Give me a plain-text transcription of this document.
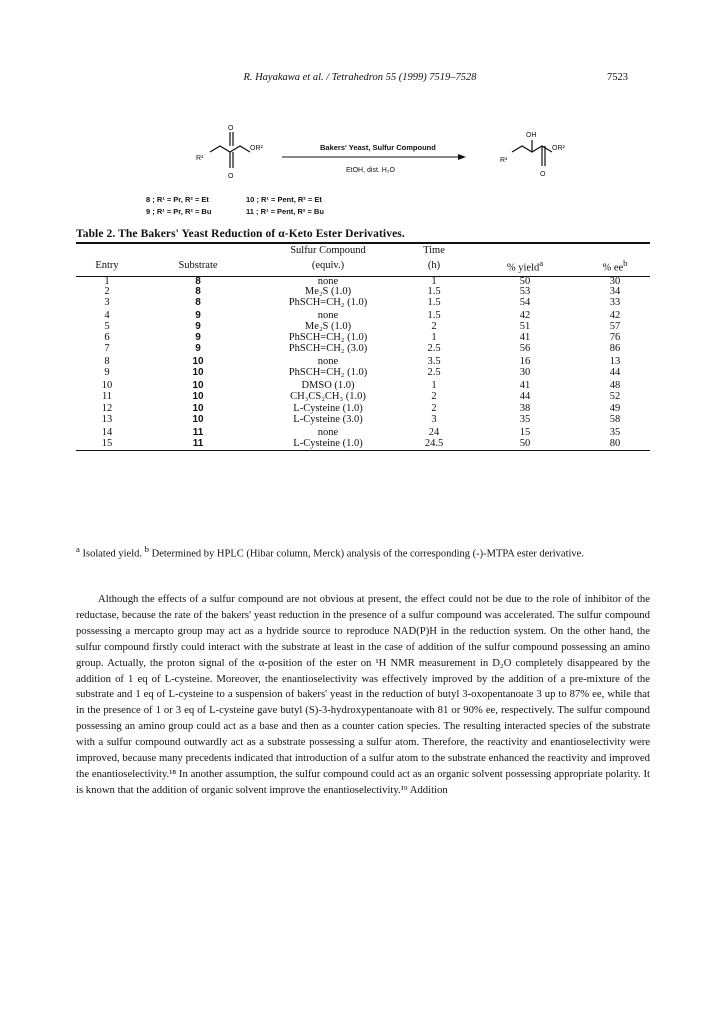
R. Hayakawa et al. / Tetrahedron 55 (1999) 7519–7528	7523
O
O
R¹
OR²	Bakers' Yeast, Sulfur Compound
EtOH, dist. H₂O
OH
O
R¹
OR²
8 ; R¹ = Pr, R² = Et
9 ; R¹ = Pr, R² = Bu
10 ; R¹ = Pent, R² = Et
11 ; R¹ = Pent, R² = Bu
Table 2. The Bakers' Yeast Reduction of α-Keto Ester Derivatives.
		Sulfur Compound	Time		
Entry	Substrate	(equiv.)	(h)	% yield$^a$	% $ee^b$
1	8	none	1	50	30
2	8	Me₂S (1.0)	1.5	53	34
3	8	PhSCH=CH₂ (1.0)	1.5	54	33
4	9	none	1.5	42	42
5	9	Me₂S (1.0)	2	51	57
6	9	PhSCH=CH₂ (1.0)	1	41	76
7	9	PhSCH=CH₂ (3.0)	2.5	56	86
8	10	none	3.5	16	13
9	10	PhSCH=CH₂ (1.0)	2.5	30	44
10	10	DMSO (1.0)	1	41	48
11	10	CH₃CS₂CH₃ (1.0)	2	44	52
12	10	L-Cysteine (1.0)	2	38	49
13	10	L-Cysteine (3.0)	3	35	58
14	11	none	24	15	35
15	11	L-Cysteine (1.0)	24.5	50	80
$^a$ Isolated yield. $^b$ Determined by HPLC (Hibar column, Merck) analysis of the corresponding (-)-MTPA ester derivative.

Although the effects of a sulfur compound are not obvious at present, the effect could not be due to the role of inhibitor of the reductase, because the rate of the bakers' yeast reduction in the presence of a sulfur compound was accelerated. The sulfur compound possessing a mercapto group may act as a hydride source to reproduce NAD(P)H in the reduction system. On the other hand, the sulfur compound firstly could interact with the substrate at least in the case of addition of the sulfur compound possessing an amino group. Actually, the proton signal of the α-position of the ester on ¹H NMR measurement in D₂O completely disappeared by the addition of 1 eq of L-cysteine. Moreover, the enantioselectivity was effectively improved by the addition of a pre-mixture of the substrate and 1 eq of L-cysteine to a suspension of bakers' yeast in the reduction of butyl 3-oxopentanoate 3 up to 87% ee, while that in the presence of 1 or 3 eq of L-cysteine gave butyl (S)-3-hydroxypentanoate with 81 or 90% ee, respectively. The sulfur compound possessing an amino group could act as a base and then as a counter cation species. The resulting interacted species of the substrate with a sulfur compound outwardly act as a substrate possessing a sulfur atom. Therefore, the reactivity and enantioselectivity were improved, because many precedents indicated that introduction of a sulfur atom to the substrate enhanced the reactivity and improved the enantioselectivity.¹⁸ In another assumption, the sulfur compound could act as an organic solvent possessing appropriate polarity. It is known that the addition of organic solvent improve the enantioselectivity.¹⁹ Addition
